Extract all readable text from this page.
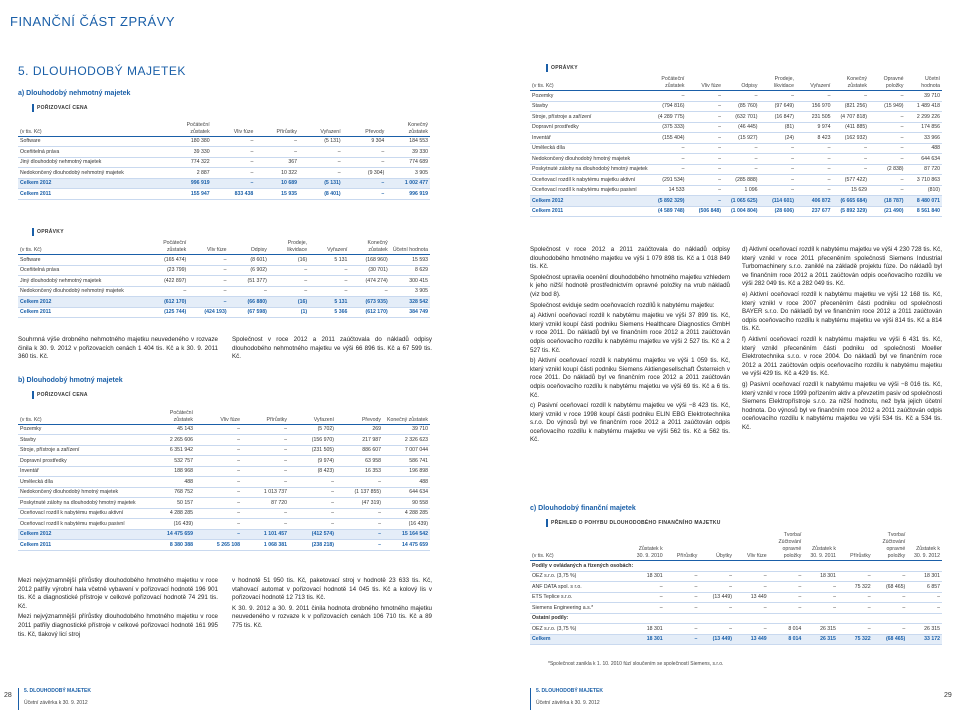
FINANČNÍ ČÁST ZPRÁVY
5. DLOUHODOBÝ MAJETEK
a) Dlouhodobý nehmotný majetek
POŘIZOVACÍ CENA
(v tis. Kč)	Počáteční zůstatek	Vliv fúze	Přírůstky	Vyřazení	Převody	Konečný zůstatek
Software	180 380	–	–	(5 131)	9 304	184 553
Oceňitelná práva	39 330	–	–	–	–	39 330
Jiný dlouhodobý nehmotný majetek	774 322	–	367	–	–	774 689
Nedokončený dlouhodobý nehmotný majetek	2 887	–	10 322	–	(9 304)	3 905
Celkem 2012	996 919	–	10 689	(5 131)	–	1 002 477
Celkem 2011	155 947	833 438	15 935	(8 401)	–	996 919
OPRÁVKY
(v tis. Kč)	Počáteční zůstatek	Vliv fúze	Odpisy	Prodeje, likvidace	Vyřazení	Konečný zůstatek	Účetní hodnota
Software	(165 474)	–	(8 601)	(16)	5 131	(168 960)	15 593
Oceňitelná práva	(23 799)	–	(6 902)	–	–	(30 701)	8 629
Jiný dlouhodobý nehmotný majetek	(422 897)	–	(51 377)	–	–	(474 274)	300 415
Nedokončený dlouhodobý nehmotný majetek	–	–	–	–	–	–	3 905
Celkem 2012	(612 170)	–	(66 880)	(16)	5 131	(673 935)	328 542
Celkem 2011	(125 744)	(424 193)	(67 598)	(1)	5 366	(612 170)	384 749
Souhrnná výše drobného nehmotného majetku neuvedeného v rozvaze činila k 30. 9. 2012 v pořizovacích cenách 1 404 tis. Kč a k 30. 9. 2011 360 tis. Kč.
Společnost v roce 2012 a 2011 zaúčtovala do nákladů odpisy dlouhodobého nehmotného majetku ve výši 66 896 tis. Kč a 67 599 tis. Kč.
b) Dlouhodobý hmotný majetek
POŘIZOVACÍ CENA
(v tis. Kč)	Počáteční zůstatek	Vliv fúze	Přírůstky	Vyřazení	Převody	Konečný zůstatek
Pozemky	45 143	–	–	(5 702)	269	39 710
Stavby	2 265 606	–	–	(156 970)	217 987	2 326 623
Stroje, přístroje a zařízení	6 351 942	–	–	(231 505)	886 607	7 007 044
Dopravní prostředky	532 757	–	–	(9 974)	63 958	586 741
Inventář	188 968	–	–	(8 423)	16 353	196 898
Umělecká díla	488	–	–	–	–	488
Nedokončený dlouhodobý hmotný majetek	768 752	–	1 013 737	–	(1 137 855)	644 634
Poskytnuté zálohy na dlouhodobý hmotný majetek	50 157	–	87 720	–	(47 319)	90 558
Oceňovací rozdíl k nabytému majetku aktivní	4 288 285	–	–	–	–	4 288 285
Oceňovací rozdíl k nabytému majetku pasivní	(16 439)	–	–	–	–	(16 439)
Celkem 2012	14 475 659	–	1 101 457	(412 574)	–	15 164 542
Celkem 2011	8 380 388	5 265 108	1 068 381	(238 218)	–	14 475 659
Mezi nejvýznamnější přírůstky dlouhodobého hmotného majetku v roce 2012 patřily výrobní hala včetně vybavení v pořizovací hodnotě 196 901 tis. Kč a diagnostické přístroje v celkové pořizovací hodnotě 74 291 tis. Kč.
Mezi nejvýznamnější přírůstky dlouhodobého hmotného majetku v roce 2011 patřily diagnostické přístroje v celkové pořizovací hodnotě 161 995 tis. Kč, tlakový licí stroj
v hodnotě 51 950 tis. Kč, paketovací stroj v hodnotě 23 633 tis. Kč, vtahovací automat v pořizovací hodnotě 14 045 tis. Kč a kolový lis v pořizovací hodnotě 12 713 tis. Kč.
K 30. 9. 2012 a 30. 9. 2011 činila hodnota drobného hmotného majetku neuvedeného v rozvaze k v pořizovacích cenách 106 710 tis. Kč a 89 775 tis. Kč.
28
5. DLOUHODOBÝ MAJETEK
Účetní závěrka k 30. 9. 2012
OPRÁVKY
(v tis. Kč)	Počáteční zůstatek	Vliv fúze	Odpisy	Prodeje, likvidace	Vyřazení	Konečný zůstatek	Opravné položky	Účetní hodnota
Pozemky	–	–	–	–	–	–	–	39 710
Stavby	(794 816)	–	(85 760)	(97 649)	156 970	(821 256)	(15 949)	1 489 418
Stroje, přístroje a zařízení	(4 289 775)	–	(632 701)	(16 847)	231 505	(4 707 818)	–	2 299 226
Dopravní prostředky	(375 333)	–	(46 445)	(81)	9 974	(411 885)	–	174 856
Inventář	(155 404)	–	(15 927)	(24)	8 423	(162 932)	–	33 966
Umělecká díla	–	–	–	–	–	–	–	488
Nedokončený dlouhodobý hmotný majetek	–	–	–	–	–	–	–	644 634
Poskytnuté zálohy na dlouhodobý hmotný majetek	–	–	–	–	–	–	(2 838)	87 720
Oceňovací rozdíl k nabytému majetku aktivní	(291 534)	–	(285 888)	–	–	(577 422)	–	3 710 863
Oceňovací rozdíl k nabytému majetku pasivní	14 533	–	1 096	–	–	15 629	–	(810)
Celkem 2012	(5 892 329)	–	(1 065 625)	(114 601)	406 872	(6 665 684)	(18 787)	8 480 071
Celkem 2011	(4 589 748)	(506 848)	(1 004 804)	(28 606)	237 677	(5 892 329)	(21 490)	8 561 840
Společnost v roce 2012 a 2011 zaúčtovala do nákladů odpisy dlouhodobého hmotného majetku ve výši 1 079 898 tis. Kč a 1 018 849 tis. Kč.
Společnost upravila ocenění dlouhodobého hmotného majetku vzhledem k jeho nižší hodnotě prostřednictvím opravné položky na vrub nákladů (viz bod 8).
Společnost eviduje sedm oceňovacích rozdílů k nabytému majetku:
a) Aktivní oceňovací rozdíl k nabytému majetku ve výši 37 899 tis. Kč, který vznikl koupí části podniku Siemens Healthcare Diagnostics GmbH v roce 2011. Do nákladů byl ve finančním roce 2012 a 2011 zaúčtován odpis oceňovacího rozdílu k nabytému majetku ve výši 2 527 tis. Kč a 2 527 tis. Kč.
b) Aktivní oceňovací rozdíl k nabytému majetku ve výši 1 059 tis. Kč, který vznikl koupí části podniku Siemens Aktiengesellschaft Österreich v roce 2011. Do nákladů byl ve finančním roce 2012 a 2011 zaúčtován odpis oceňovacího rozdílu k nabytému majetku ve výši 69 tis. Kč a 6 tis. Kč.
c) Pasivní oceňovací rozdíl k nabytému majetku ve výši −8 423 tis. Kč, který vznikl v roce 1998 koupí části podniku ELIN EBG Elektrotechnika s.r.o. Do výnosů byl ve finančním roce 2012 a 2011 zaúčtován odpis oceňovacího rozdílu k nabytému majetku ve výši 562 tis. Kč a 562 tis. Kč.
d) Aktivní oceňovací rozdíl k nabytému majetku ve výši 4 230 728 tis. Kč, který vznikl v roce 2011 přeceněním společnosti Siemens Industrial Turbomachinery s.r.o. zaniklé na základě projektu fúze. Do nákladů byl ve finančním roce 2012 a 2011 zaúčtován odpis oceňovacího rozdílu ve výši 282 049 tis. Kč a 282 049 tis. Kč.
e) Aktivní oceňovací rozdíl k nabytému majetku ve výši 12 168 tis. Kč, který vznikl v roce 2007 přeceněním části podniku od společnosti BAYER s.r.o. Do nákladů byl ve finančním roce 2012 a 2011 zaúčtován odpis oceňovacího rozdílu k nabytému majetku ve výši 814 tis. Kč a 814 tis. Kč.
f) Aktivní oceňovací rozdíl k nabytému majetku ve výši 6 431 tis. Kč, který vznikl přeceněním části podniku od společnosti Moeller Elektrotechnika s.r.o. v roce 2004. Do nákladů byl ve finančním roce 2012 a 2011 zaúčtován odpis oceňovacího rozdílu k nabytému majetku ve výši 429 tis. Kč a 429 tis. Kč.
g) Pasivní oceňovací rozdíl k nabytému majetku ve výši −8 016 tis. Kč, který vznikl v roce 1999 pořízením aktiv a převzetím pasiv od společnosti Siemens Elektropřístroje s.r.o. za nižší hodnotu, než byla jejich účetní hodnota. Do výnosů byl ve finančním roce 2012 a 2011 zaúčtován odpis oceňovacího rozdílu k nabytému majetku ve výši 534 tis. Kč a 534 tis. Kč.
c) Dlouhodobý finanční majetek
PŘEHLED O POHYBU DLOUHODOBÉHO FINANČNÍHO MAJETKU
(v tis. Kč)	Zůstatek k 30. 9. 2010	Přírůstky	Úbytky	Vliv fúze	Tvorba/ Zúčtování opravné položky	Zůstatek k 30. 9. 2011	Přírůstky	Tvorba/ Zúčtování opravné položky	Zůstatek k 30. 9. 2012
Podíly v ovládaných a řízených osobách:									
OEZ s.r.o. (3,75 %)	18 301	–	–	–	–	18 301	–	–	18 301
ANF DATA spol. s r.o.	–	–	–	–	–	–	75 322	(68 465)	6 857
ETS Teplice s.r.o.	–	–	(13 449)	13 449	–	–	–	–	–
Siemens Engineering a.s.*	–	–	–	–	–	–	–	–	–
Ostatní podíly:									
OEZ s.r.o. (3,75 %)	18 301	–	–	–	8 014	26 315	–	–	26 315
Celkem	18 301	–	(13 449)	13 449	8 014	26 315	75 322	(68 465)	33 172
*Společnost zanikla k 1. 10. 2010 fúzí sloučením se společností Siemens, s.r.o.
5. DLOUHODOBÝ MAJETEK
Účetní závěrka k 30. 9. 2012
29
